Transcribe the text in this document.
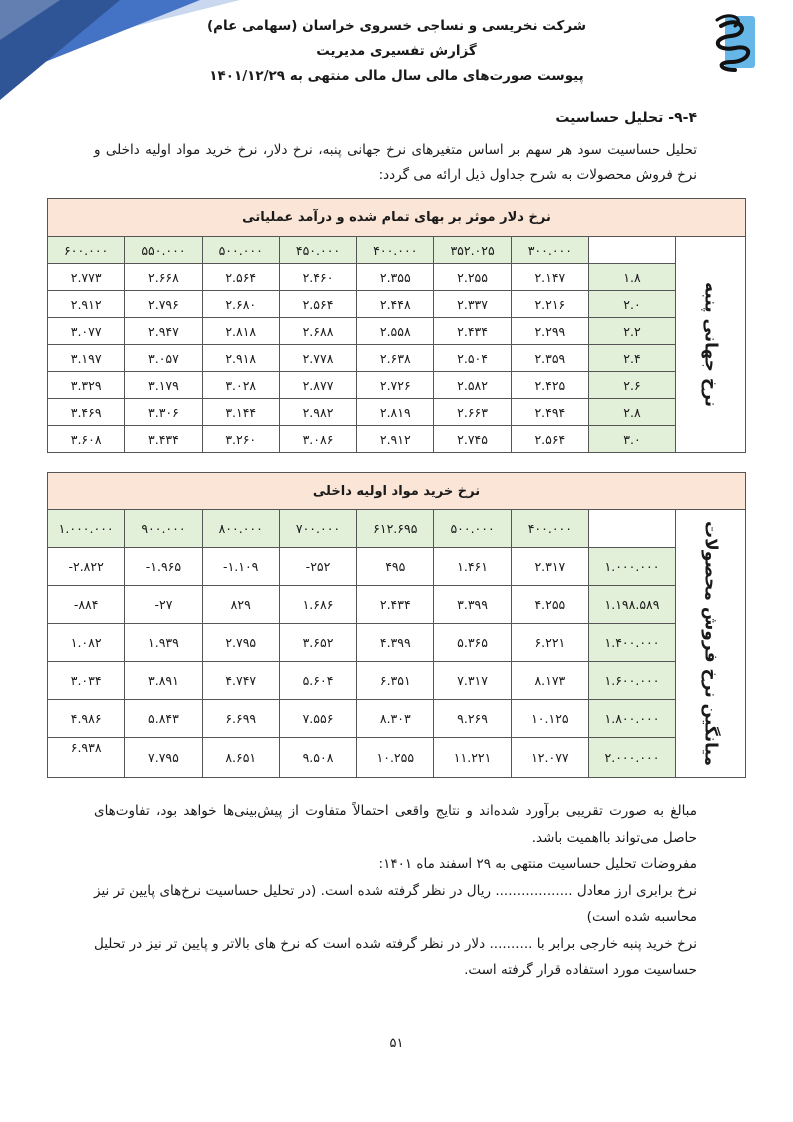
شرکت نخریسی و نساجی خسروی خراسان (سهامی عام)
گزارش تفسیری مدیریت
پیوست صورت‌های مالی سال مالی منتهی به ۱۴۰۱/۱۲/۲۹
۹-۴- تحلیل حساسیت
تحلیل حساسیت سود هر سهم بر اساس متغیرهای نرخ جهانی پنبه، نرخ دلار، نرخ خرید مواد اولیه داخلی و نرخ فروش محصولات به شرح جداول ذیل ارائه می گردد:
نرخ دلار موثر بر بهای تمام شده و درآمد عملیاتی								

نرخ جهانی پنبه		۳۰۰.۰۰۰	۳۵۲.۰۲۵	۴۰۰.۰۰۰	۴۵۰.۰۰۰	۵۰۰.۰۰۰	۵۵۰.۰۰۰	۶۰۰.۰۰۰
	۱.۸	۲.۱۴۷	۲.۲۵۵	۲.۳۵۵	۲.۴۶۰	۲.۵۶۴	۲.۶۶۸	۲.۷۷۳
	۲.۰	۲.۲۱۶	۲.۳۳۷	۲.۴۴۸	۲.۵۶۴	۲.۶۸۰	۲.۷۹۶	۲.۹۱۲
	۲.۲	۲.۲۹۹	۲.۴۳۴	۲.۵۵۸	۲.۶۸۸	۲.۸۱۸	۲.۹۴۷	۳.۰۷۷
	۲.۴	۲.۳۵۹	۲.۵۰۴	۲.۶۳۸	۲.۷۷۸	۲.۹۱۸	۳.۰۵۷	۳.۱۹۷
	۲.۶	۲.۴۲۵	۲.۵۸۲	۲.۷۲۶	۲.۸۷۷	۳.۰۲۸	۳.۱۷۹	۳.۳۲۹
	۲.۸	۲.۴۹۴	۲.۶۶۳	۲.۸۱۹	۲.۹۸۲	۳.۱۴۴	۳.۳۰۶	۳.۴۶۹
	۳.۰	۲.۵۶۴	۲.۷۴۵	۲.۹۱۲	۳.۰۸۶	۳.۲۶۰	۳.۴۳۴	۳.۶۰۸
نرخ خرید مواد اولیه داخلی								

میانگین نرخ فروش محصولات		۴۰۰.۰۰۰	۵۰۰.۰۰۰	۶۱۲.۶۹۵	۷۰۰.۰۰۰	۸۰۰.۰۰۰	۹۰۰.۰۰۰	۱.۰۰۰.۰۰۰
	۱.۰۰۰.۰۰۰	۲.۳۱۷	۱.۴۶۱	۴۹۵	۲۵۲-	۱.۱۰۹-	۱.۹۶۵-	۲.۸۲۲-
	۱.۱۹۸.۵۸۹	۴.۲۵۵	۳.۳۹۹	۲.۴۳۴	۱.۶۸۶	۸۲۹	۲۷-	۸۸۴-
	۱.۴۰۰.۰۰۰	۶.۲۲۱	۵.۳۶۵	۴.۳۹۹	۳.۶۵۲	۲.۷۹۵	۱.۹۳۹	۱.۰۸۲
	۱.۶۰۰.۰۰۰	۸.۱۷۳	۷.۳۱۷	۶.۳۵۱	۵.۶۰۴	۴.۷۴۷	۳.۸۹۱	۳.۰۳۴
	۱.۸۰۰.۰۰۰	۱۰.۱۲۵	۹.۲۶۹	۸.۳۰۳	۷.۵۵۶	۶.۶۹۹	۵.۸۴۳	۴.۹۸۶
	۲.۰۰۰.۰۰۰	۱۲.۰۷۷	۱۱.۲۲۱	۱۰.۲۵۵	۹.۵۰۸	۸.۶۵۱	۷.۷۹۵	۶.۹۳۸

مبالغ به صورت تقریبی برآورد شده‌اند و نتایج واقعی احتمالاً متفاوت از پیش‌بینی‌ها خواهد بود، تفاوت‌های حاصل می‌تواند بااهمیت باشد.

مفروضات تحلیل حساسیت منتهی به ۲۹ اسفند ماه ۱۴۰۱:

نرخ برابری ارز معادل .................. ریال در نظر گرفته شده است. (در تحلیل حساسیت نرخ‌های پایین تر نیز محاسبه شده است)

نرخ خرید پنبه خارجی برابر با .......... دلار در نظر گرفته شده است که نرخ های بالاتر و پایین تر نیز در تحلیل حساسیت مورد استفاده قرار گرفته است.

۵۱
